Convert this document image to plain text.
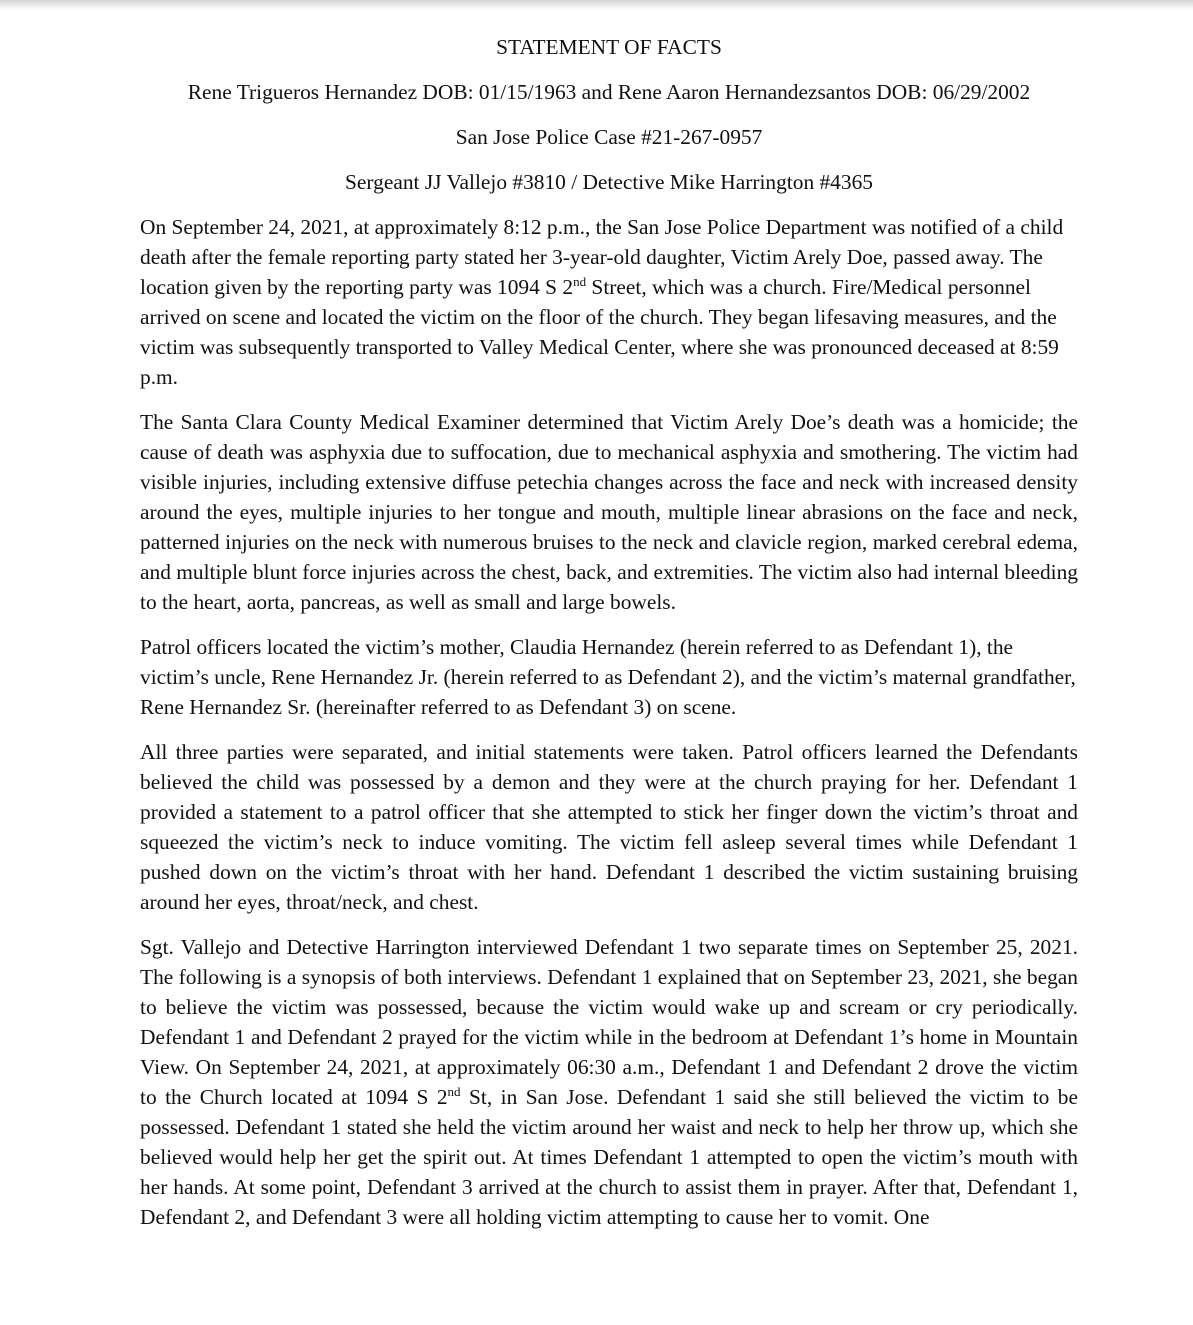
STATEMENT OF FACTS
Rene Trigueros Hernandez DOB: 01/15/1963 and Rene Aaron Hernandezsantos DOB: 06/29/2002
San Jose Police Case #21-267-0957
Sergeant JJ Vallejo #3810 / Detective Mike Harrington #4365

On September 24, 2021, at approximately 8:12 p.m., the San Jose Police Department was notified of a child death after the female reporting party stated her 3-year-old daughter, Victim Arely Doe, passed away. The location given by the reporting party was 1094 S 2nd Street, which was a church. Fire/Medical personnel arrived on scene and located the victim on the floor of the church. They began lifesaving measures, and the victim was subsequently transported to Valley Medical Center, where she was pronounced deceased at 8:59 p.m.

The Santa Clara County Medical Examiner determined that Victim Arely Doe’s death was a homicide; the cause of death was asphyxia due to suffocation, due to mechanical asphyxia and smothering. The victim had visible injuries, including extensive diffuse petechia changes across the face and neck with increased density around the eyes, multiple injuries to her tongue and mouth, multiple linear abrasions on the face and neck, patterned injuries on the neck with numerous bruises to the neck and clavicle region, marked cerebral edema, and multiple blunt force injuries across the chest, back, and extremities. The victim also had internal bleeding to the heart, aorta, pancreas, as well as small and large bowels.

Patrol officers located the victim’s mother, Claudia Hernandez (herein referred to as Defendant 1), the victim’s uncle, Rene Hernandez Jr. (herein referred to as Defendant 2), and the victim’s maternal grandfather, Rene Hernandez Sr. (hereinafter referred to as Defendant 3) on scene.

All three parties were separated, and initial statements were taken. Patrol officers learned the Defendants believed the child was possessed by a demon and they were at the church praying for her. Defendant 1 provided a statement to a patrol officer that she attempted to stick her finger down the victim’s throat and squeezed the victim’s neck to induce vomiting. The victim fell asleep several times while Defendant 1 pushed down on the victim’s throat with her hand. Defendant 1 described the victim sustaining bruising around her eyes, throat/neck, and chest.

Sgt. Vallejo and Detective Harrington interviewed Defendant 1 two separate times on September 25, 2021. The following is a synopsis of both interviews. Defendant 1 explained that on September 23, 2021, she began to believe the victim was possessed, because the victim would wake up and scream or cry periodically. Defendant 1 and Defendant 2 prayed for the victim while in the bedroom at Defendant 1’s home in Mountain View. On September 24, 2021, at approximately 06:30 a.m., Defendant 1 and Defendant 2 drove the victim to the Church located at 1094 S 2nd St, in San Jose. Defendant 1 said she still believed the victim to be possessed. Defendant 1 stated she held the victim around her waist and neck to help her throw up, which she believed would help her get the spirit out. At times Defendant 1 attempted to open the victim’s mouth with her hands. At some point, Defendant 3 arrived at the church to assist them in prayer. After that, Defendant 1, Defendant 2, and Defendant 3 were all holding victim attempting to cause her to vomit. One
